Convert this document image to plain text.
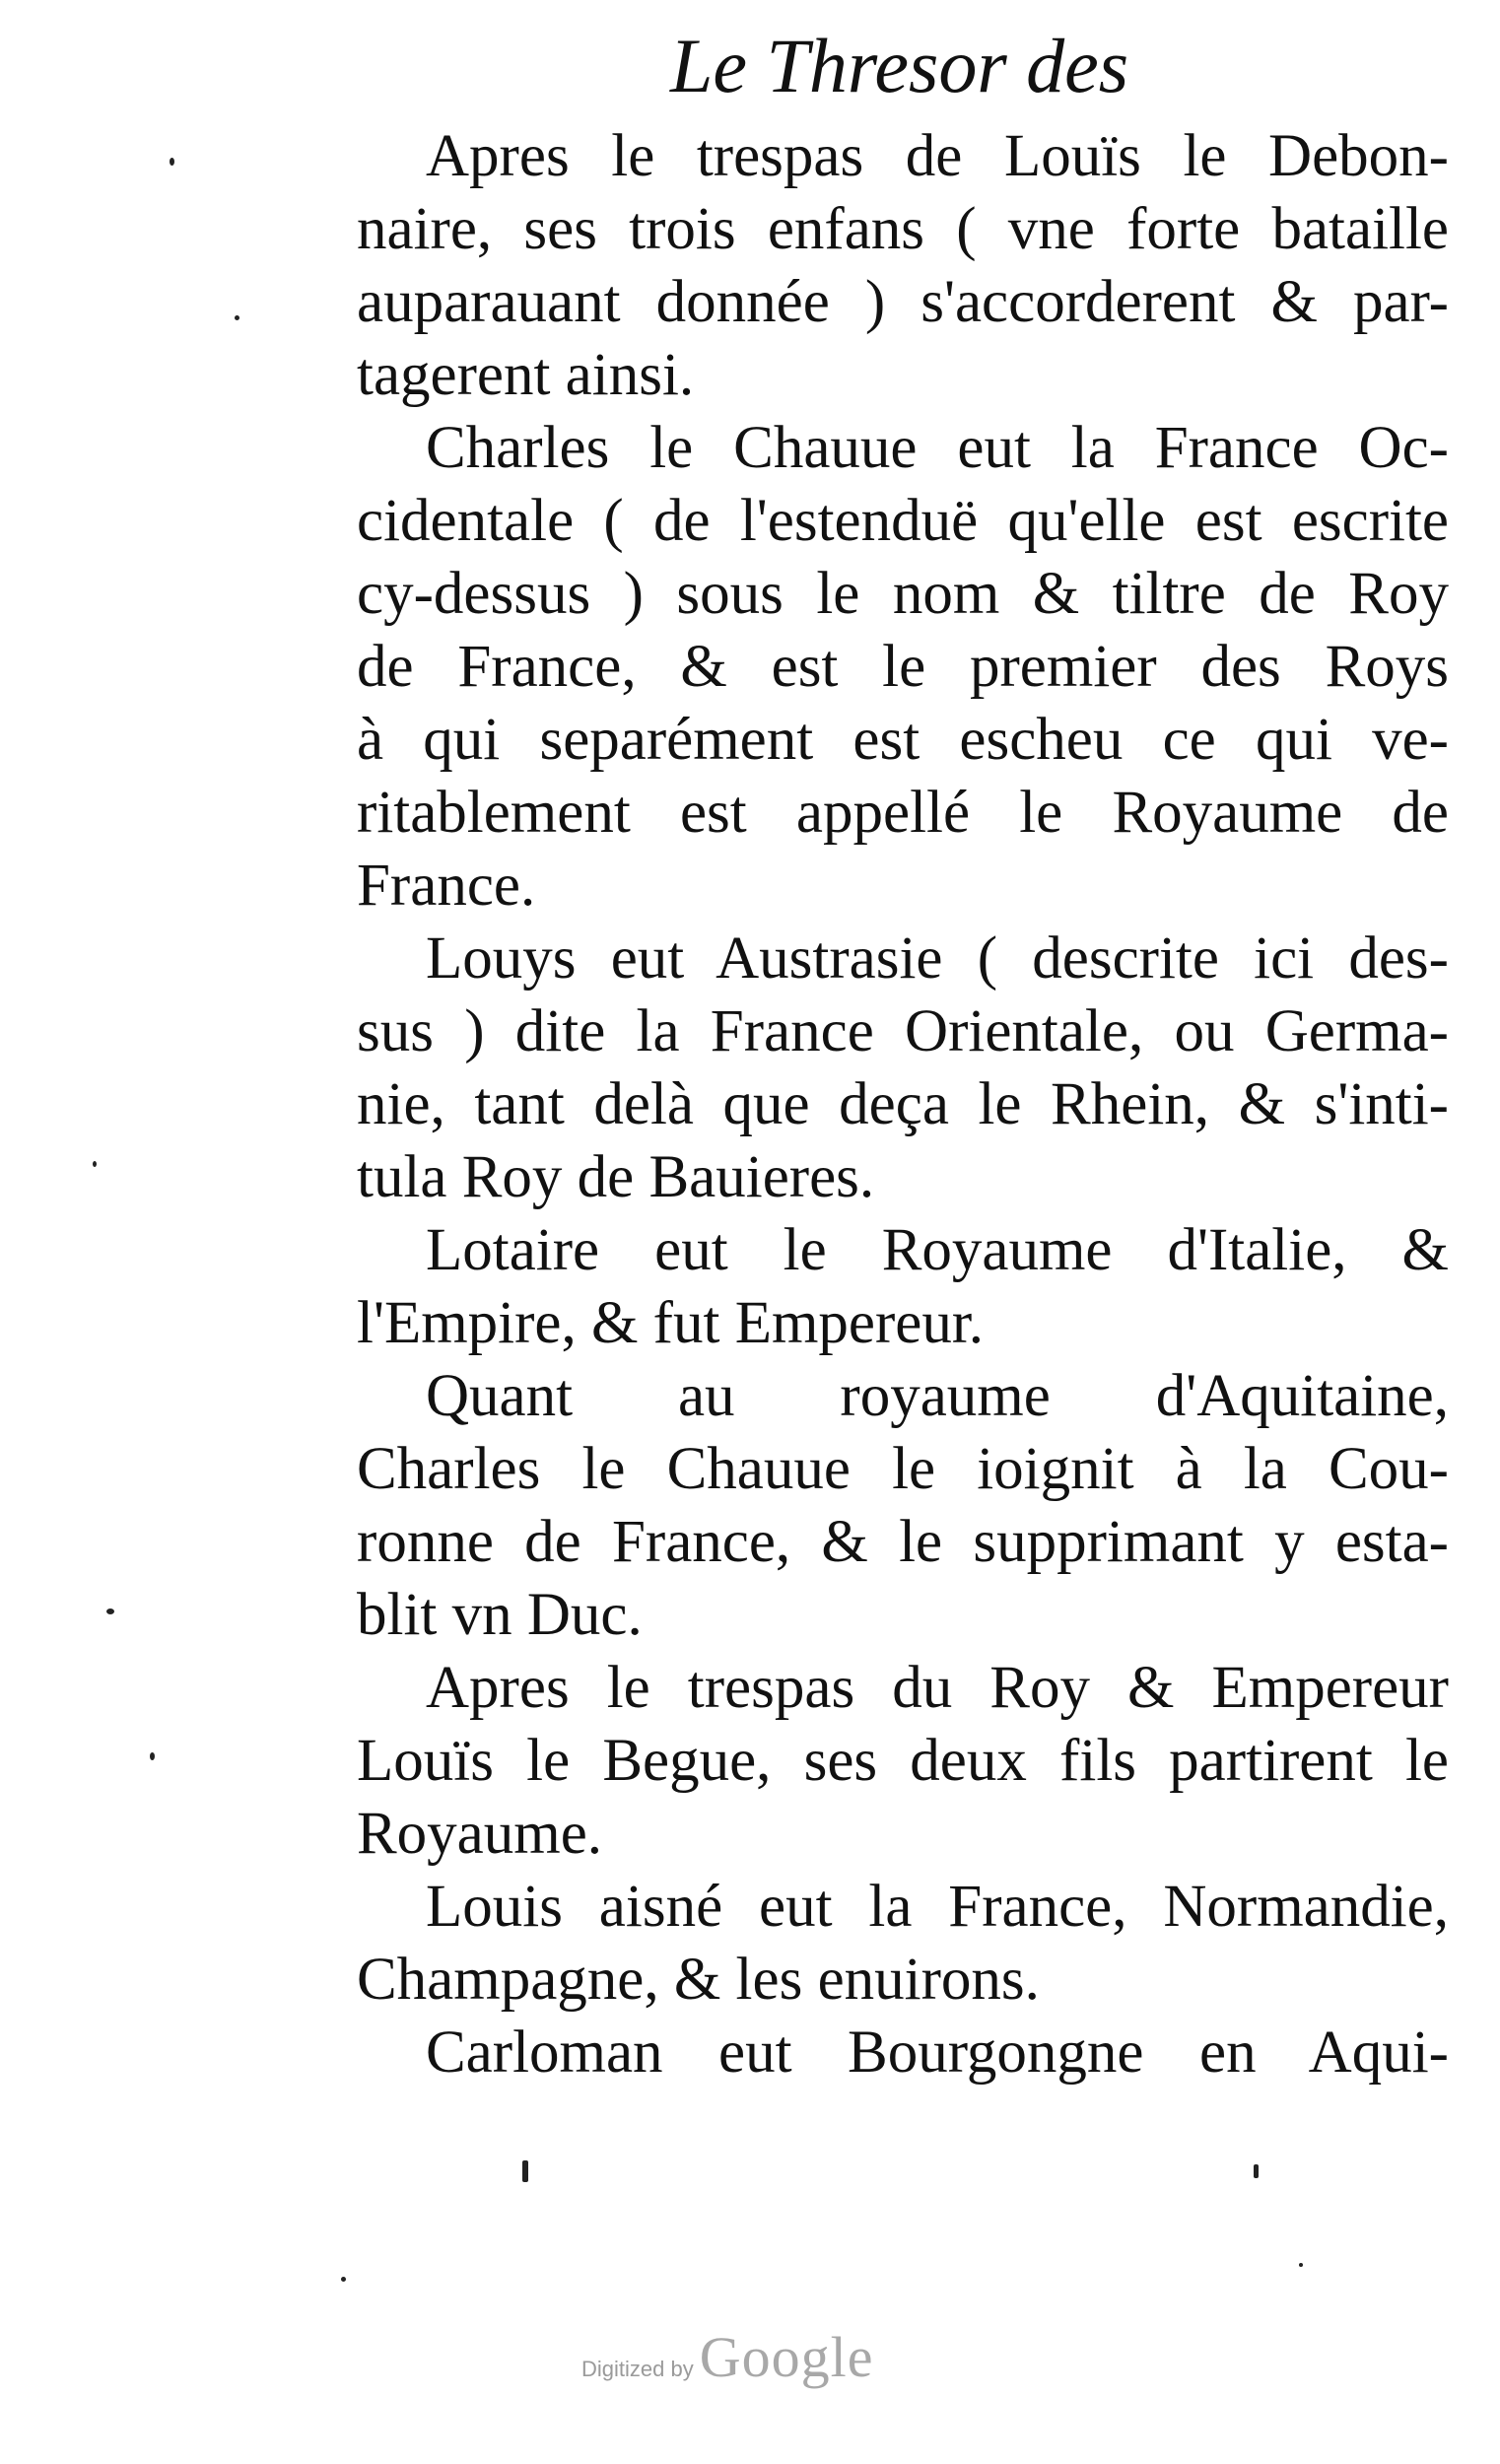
Le Thresor des
Apres le trespas de Louïs le Debon-
naire, ses trois enfans ( vne forte bataille
auparauant donnée ) s'accorderent & par-
tagerent ainsi.
Charles le Chauue eut la France Oc-
cidentale ( de l'estenduë qu'elle est escrite
cy-dessus ) sous le nom & tiltre de Roy
de France, & est le premier des Roys
à qui separément est escheu ce qui ve-
ritablement est appellé le Royaume de
France.
Louys eut Austrasie ( descrite ici des-
sus ) dite la France Orientale, ou Germa-
nie, tant delà que deça le Rhein, & s'inti-
tula Roy de Bauieres.
Lotaire eut le Royaume d'Italie, &
l'Empire, & fut Empereur.
Quant au royaume d'Aquitaine,
Charles le Chauue le ioignit à la Cou-
ronne de France, & le supprimant y esta-
blit vn Duc.
Apres le trespas du Roy & Empereur
Louïs le Begue, ses deux fils partirent le
Royaume.
Louis aisné eut la France, Normandie,
Champagne, & les enuirons.
Carloman eut Bourgongne en Aqui-
Digitized by Google
